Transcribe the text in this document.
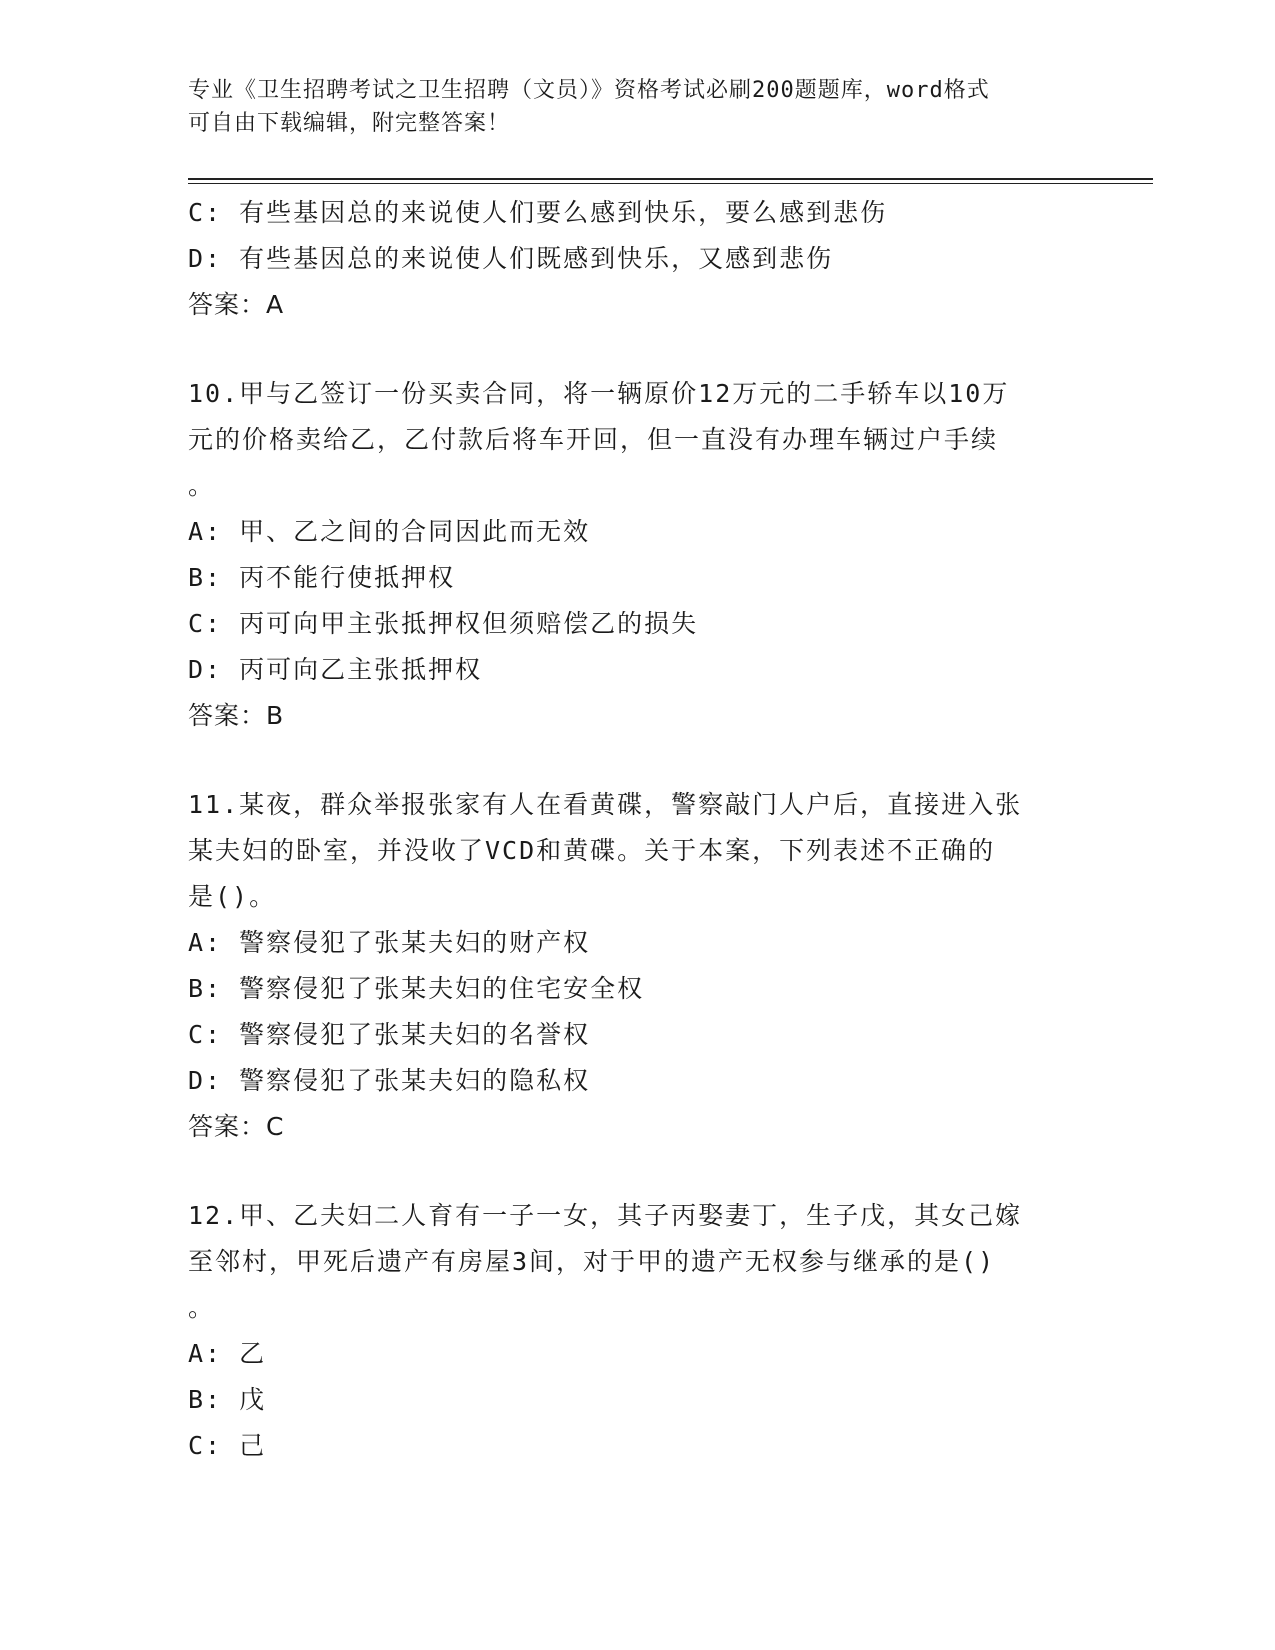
专业《卫生招聘考试之卫生招聘（文员）》资格考试必刷200题题库，word格式
可自由下载编辑，附完整答案！
C: 有些基因总的来说使人们要么感到快乐，要么感到悲伤
D: 有些基因总的来说使人们既感到快乐，又感到悲伤
答案：A
10.甲与乙签订一份买卖合同，将一辆原价12万元的二手轿车以10万
元的价格卖给乙，乙付款后将车开回，但一直没有办理车辆过户手续
。
A: 甲、乙之间的合同因此而无效
B: 丙不能行使抵押权
C: 丙可向甲主张抵押权但须赔偿乙的损失
D: 丙可向乙主张抵押权
答案：B
11.某夜，群众举报张家有人在看黄碟，警察敲门人户后，直接进入张
某夫妇的卧室，并没收了VCD和黄碟。关于本案，下列表述不正确的
是()。
A: 警察侵犯了张某夫妇的财产权
B: 警察侵犯了张某夫妇的住宅安全权
C: 警察侵犯了张某夫妇的名誉权
D: 警察侵犯了张某夫妇的隐私权
答案：C
12.甲、乙夫妇二人育有一子一女，其子丙娶妻丁，生子戊，其女己嫁
至邻村，甲死后遗产有房屋3间，对于甲的遗产无权参与继承的是()
。
A: 乙
B: 戊
C: 己
